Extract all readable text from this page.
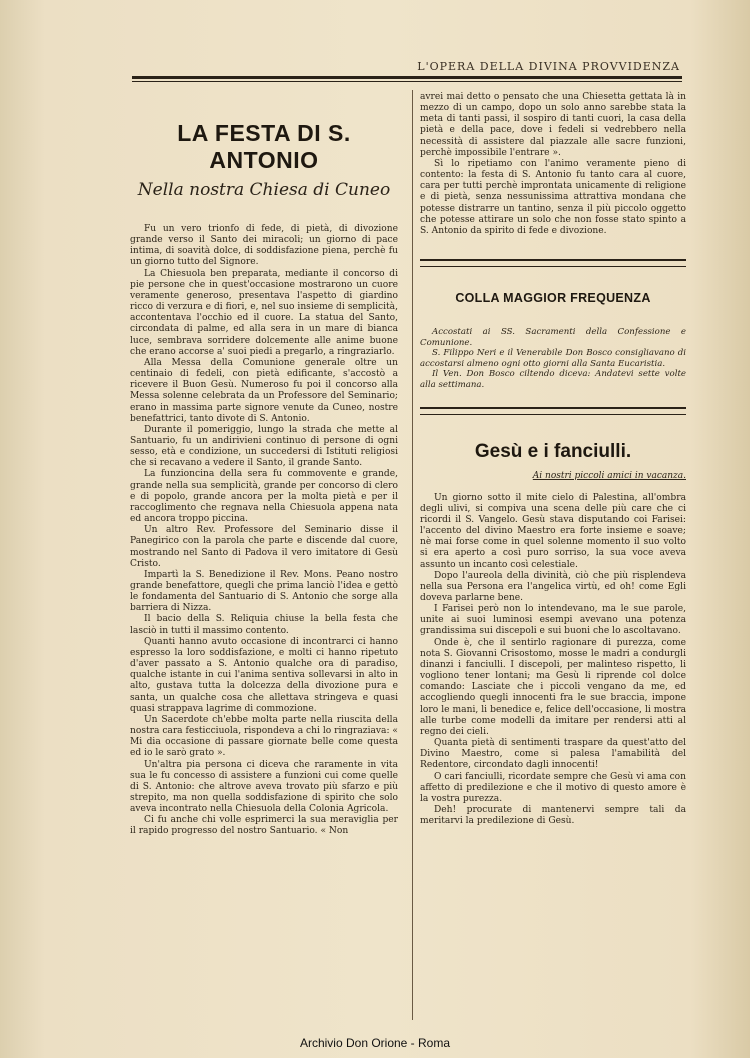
L'OPERA DELLA DIVINA PROVVIDENZA
LA FESTA DI S. ANTONIO

Nella nostra Chiesa di Cuneo

Fu un vero trionfo di fede, di pietà, di divozione grande verso il Santo dei miracoli; un giorno di pace intima, di soavità dolce, di soddisfazione piena, perchè fu un giorno tutto del Signore.

La Chiesuola ben preparata, mediante il concorso di pie persone che in quest'occasione mostrarono un cuore veramente generoso, presentava l'aspetto di giardino ricco di verzura e di fiori, e, nel suo insieme di semplicità, accontentava l'occhio ed il cuore. La statua del Santo, circondata di palme, ed alla sera in un mare di bianca luce, sembrava sorridere dolcemente alle anime buone che erano accorse a' suoi piedi a pregarlo, a ringraziarlo.

Alla Messa della Comunione generale oltre un centinaio di fedeli, con pietà edificante, s'accostò a ricevere il Buon Gesù. Numeroso fu poi il concorso alla Messa solenne celebrata da un Professore del Seminario; erano in massima parte signore venute da Cuneo, nostre benefattrici, tanto divote di S. Antonio.

Durante il pomeriggio, lungo la strada che mette al Santuario, fu un andirivieni continuo di persone di ogni sesso, età e condizione, un succedersi di Istituti religiosi che si recavano a vedere il Santo, il grande Santo.

La funzioncina della sera fu commovente e grande, grande nella sua semplicità, grande per concorso di clero e di popolo, grande ancora per la molta pietà e per il raccoglimento che regnava nella Chiesuola appena nata ed ancora troppo piccina.

Un altro Rev. Professore del Seminario disse il Panegirico con la parola che parte e discende dal cuore, mostrando nel Santo di Padova il vero imitatore di Gesù Cristo.

Impartì la S. Benedizione il Rev. Mons. Peano nostro grande benefattore, quegli che prima lanciò l'idea e gettò le fondamenta del Santuario di S. Antonio che sorge alla barriera di Nizza.

Il bacio della S. Reliquia chiuse la bella festa che lasciò in tutti il massimo contento.

Quanti hanno avuto occasione di incontrarci ci hanno espresso la loro soddisfazione, e molti ci hanno ripetuto d'aver passato a S. Antonio qualche ora di paradiso, qualche istante in cui l'anima sentiva sollevarsi in alto in alto, gustava tutta la dolcezza della divozione pura e santa, un qualche cosa che allettava stringeva e quasi quasi strappava lagrime di commozione.

Un Sacerdote ch'ebbe molta parte nella riuscita della nostra cara festicciuola, rispondeva a chi lo ringraziava: « Mi dia occasione di passare giornate belle come questa ed io le sarò grato ».

Un'altra pia persona ci diceva che raramente in vita sua le fu concesso di assistere a funzioni cui come quelle di S. Antonio: che altrove aveva trovato più sfarzo e più strepito, ma non quella soddisfazione di spirito che solo aveva incontrato nella Chiesuola della Colonia Agricola.

Ci fu anche chi volle esprimerci la sua meraviglia per il rapido progresso del nostro Santuario. « Non

avrei mai detto o pensato che una Chiesetta gettata là in mezzo di un campo, dopo un solo anno sarebbe stata la meta di tanti passi, il sospiro di tanti cuori, la casa della pietà e della pace, dove i fedeli si vedrebbero nella necessità di assistere dal piazzale alle sacre funzioni, perchè impossibile l'entrare ».

Sì lo ripetiamo con l'animo veramente pieno di contento: la festa di S. Antonio fu tanto cara al cuore, cara per tutti perchè improntata unicamente di religione e di pietà, senza nessunissima attrattiva mondana che potesse distrarre un tantino, senza il più piccolo oggetto che potesse attirare un solo che non fosse stato spinto a S. Antonio da spirito di fede e divozione.

COLLA MAGGIOR FREQUENZA

Accostati ai SS. Sacramenti della Confessione e Comunione.

S. Filippo Neri e il Venerabile Don Bosco consigliavano di accostarsi almeno ogni otto giorni alla Santa Eucaristia.

Il Ven. Don Bosco ciltendo diceva: Andatevi sette volte alla settimana.

Gesù e i fanciulli.

Ai nostri piccoli amici in vacanza.

Un giorno sotto il mite cielo di Palestina, all'ombra degli ulivi, si compiva una scena delle più care che ci ricordi il S. Vangelo. Gesù stava disputando coi Farisei: l'accento del divino Maestro era forte insieme e soave; nè mai forse come in quel solenne momento il suo volto si era aperto a così puro sorriso, la sua voce aveva assunto un incanto così celestiale.

Dopo l'aureola della divinità, ciò che più risplendeva nella sua Persona era l'angelica virtù, ed oh! come Egli doveva parlarne bene.

I Farisei però non lo intendevano, ma le sue parole, unite ai suoi luminosi esempi avevano una potenza grandissima sui discepoli e sui buoni che lo ascoltavano.

Onde è, che il sentirlo ragionare di purezza, come nota S. Giovanni Crisostomo, mosse le madri a condurgli dinanzi i fanciulli. I discepoli, per malinteso rispetto, li vogliono tener lontani; ma Gesù li riprende col dolce comando: Lasciate che i piccoli vengano da me, ed accogliendo quegli innocenti fra le sue braccia, impone loro le mani, li benedice e, felice dell'occasione, li mostra alle turbe come modelli da imitare per rendersi atti al regno dei cieli.

Quanta pietà di sentimenti traspare da quest'atto del Divino Maestro, come si palesa l'amabilità del Redentore, circondato dagli innocenti!

O cari fanciulli, ricordate sempre che Gesù vi ama con affetto di predilezione e che il motivo di questo amore è la vostra purezza.

Deh! procurate di mantenervi sempre tali da meritarvi la predilezione di Gesù.

Archivio Don Orione - Roma
